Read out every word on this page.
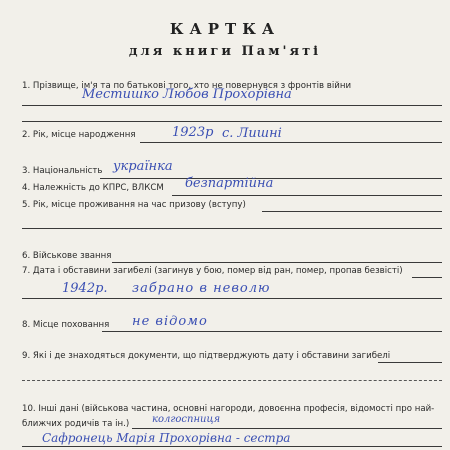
КАРТКА
для книги Пам'яті
1. Прізвище, ім'я та по батькові того, хто не повернувся з фронтів війни
Местишко Любов Прохорівна
2. Рік, місце народження	1923р с. Лишні
3. Національність українка
4. Належність до КПРС, ВЛКСМ безпартійна
5. Рік, місце проживання на час призову (вступу)
6. Військове звання
7. Дата і обставини загибелі (загинув у бою, помер від ран, помер, пропав безвісті)
1942р. забрано в неволю
8. Місце поховання не відомо
9. Які і де знаходяться документи, що підтверджують дату і обставини загибелі
10. Інші дані (військова частина, основні нагороди, довоєнна професія, відомості про най-
ближчих родичів та ін.) колгоспниця
Сафронець Марія Прохорівна - сестра
